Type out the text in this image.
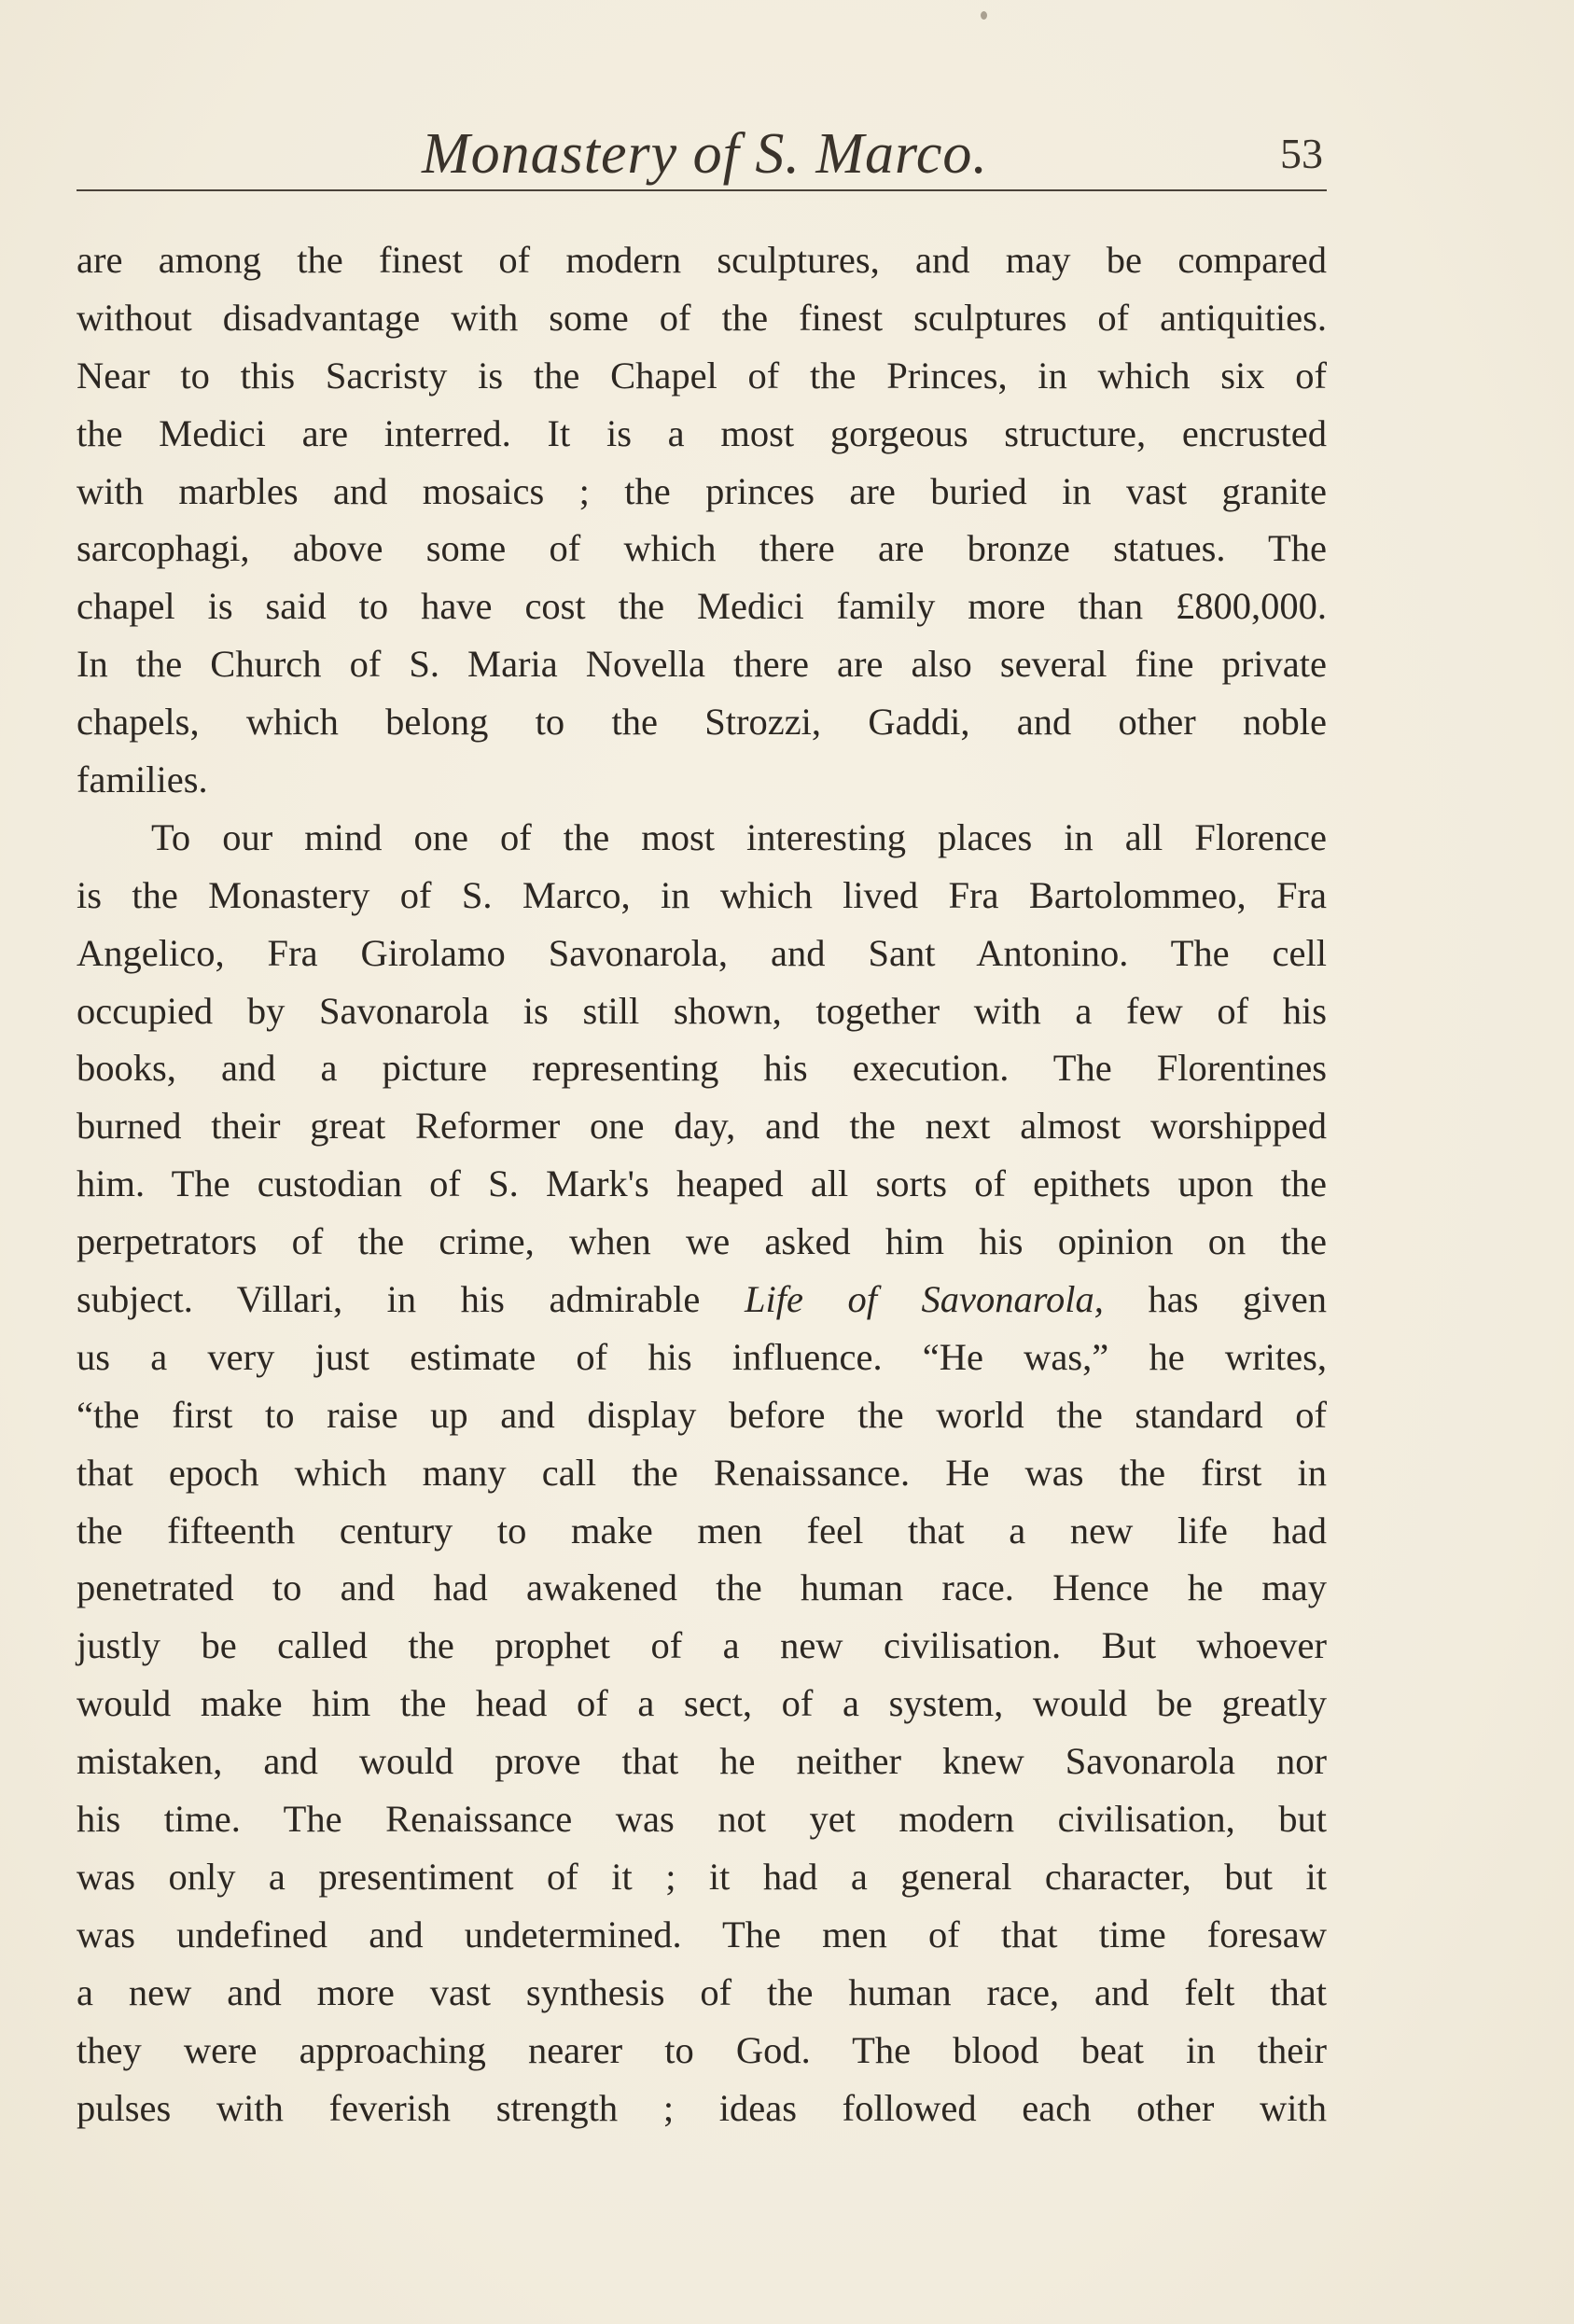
Monastery of S. Marco.	53
are among the finest of modern sculptures, and may be compared
without disadvantage with some of the finest sculptures of antiquities.
Near to this Sacristy is the Chapel of the Princes, in which six of
the Medici are interred. It is a most gorgeous structure, encrusted
with marbles and mosaics ; the princes are buried in vast granite
sarcophagi, above some of which there are bronze statues. The
chapel is said to have cost the Medici family more than £800,000.
In the Church of S. Maria Novella there are also several fine private
chapels, which belong to the Strozzi, Gaddi, and other noble
families.
To our mind one of the most interesting places in all Florence
is the Monastery of S. Marco, in which lived Fra Bartolommeo, Fra
Angelico, Fra Girolamo Savonarola, and Sant Antonino. The cell
occupied by Savonarola is still shown, together with a few of his
books, and a picture representing his execution. The Florentines
burned their great Reformer one day, and the next almost worshipped
him. The custodian of S. Mark's heaped all sorts of epithets upon the
perpetrators of the crime, when we asked him his opinion on the
subject. Villari, in his admirable Life of Savonarola, has given
us a very just estimate of his influence. “He was,” he writes,
“the first to raise up and display before the world the standard of
that epoch which many call the Renaissance. He was the first in
the fifteenth century to make men feel that a new life had
penetrated to and had awakened the human race. Hence he may
justly be called the prophet of a new civilisation. But whoever
would make him the head of a sect, of a system, would be greatly
mistaken, and would prove that he neither knew Savonarola nor
his time. The Renaissance was not yet modern civilisation, but
was only a presentiment of it ; it had a general character, but it
was undefined and undetermined. The men of that time foresaw
a new and more vast synthesis of the human race, and felt that
they were approaching nearer to God. The blood beat in their
pulses with feverish strength ; ideas followed each other with
